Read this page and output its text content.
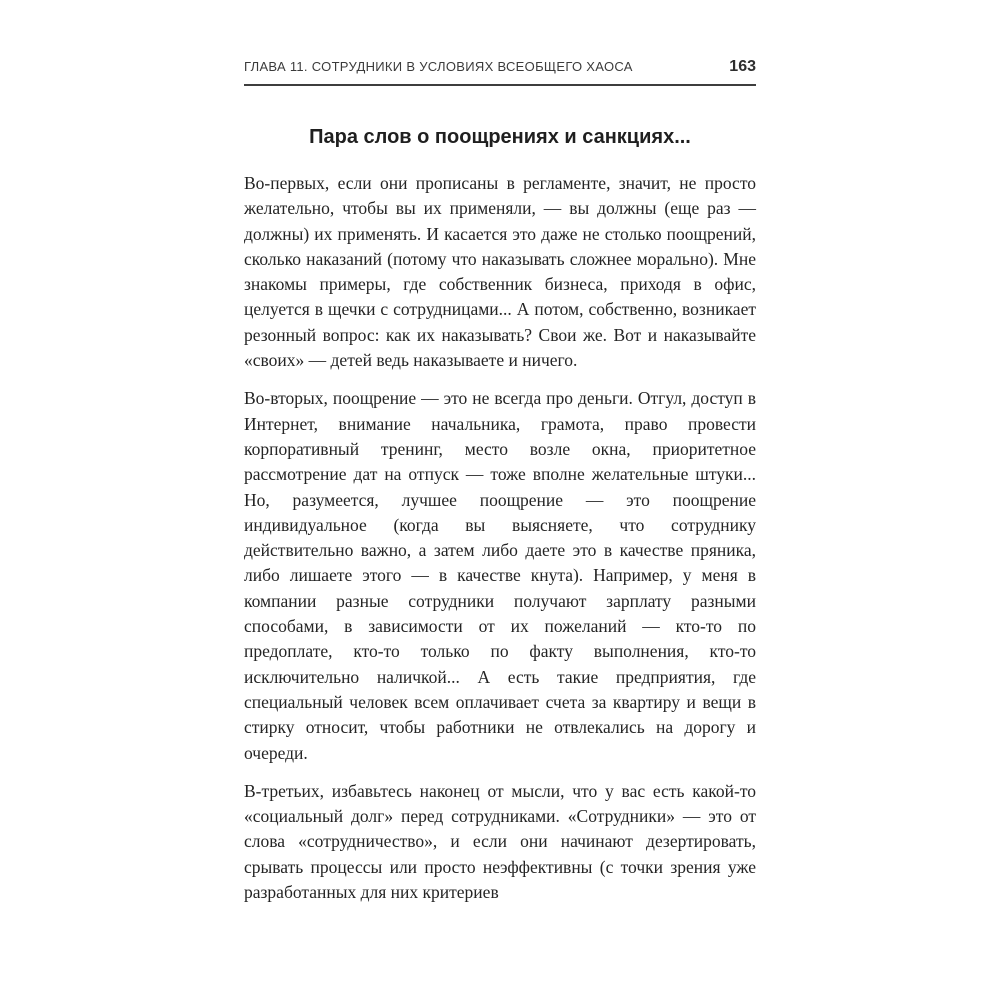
ГЛАВА 11. СОТРУДНИКИ В УСЛОВИЯХ ВСЕОБЩЕГО ХАОСА	163
Пара слов о поощрениях и санкциях...

Во-первых, если они прописаны в регламенте, значит, не просто желательно, чтобы вы их применяли, — вы должны (еще раз — должны) их применять. И касается это даже не столько поощрений, сколько наказаний (потому что наказывать сложнее морально). Мне знакомы примеры, где собственник бизнеса, приходя в офис, целуется в щечки с сотрудницами... А потом, собственно, возникает резонный вопрос: как их наказывать? Свои же. Вот и наказывайте «своих» — детей ведь наказываете и ничего.

Во-вторых, поощрение — это не всегда про деньги. Отгул, доступ в Интернет, внимание начальника, грамота, право провести корпоративный тренинг, место возле окна, приоритетное рассмотрение дат на отпуск — тоже вполне желательные штуки... Но, разумеется, лучшее поощрение — это поощрение индивидуальное (когда вы выясняете, что сотруднику действительно важно, а затем либо даете это в качестве пряника, либо лишаете этого — в качестве кнута). Например, у меня в компании разные сотрудники получают зарплату разными способами, в зависимости от их пожеланий — кто-то по предоплате, кто-то только по факту выполнения, кто-то исключительно наличкой... А есть такие предприятия, где специальный человек всем оплачивает счета за квартиру и вещи в стирку относит, чтобы работники не отвлекались на дорогу и очереди.

В-третьих, избавьтесь наконец от мысли, что у вас есть какой-то «социальный долг» перед сотрудниками. «Сотрудники» — это от слова «сотрудничество», и если они начинают дезертировать, срывать процессы или просто неэффективны (с точки зрения уже разработанных для них критериев
